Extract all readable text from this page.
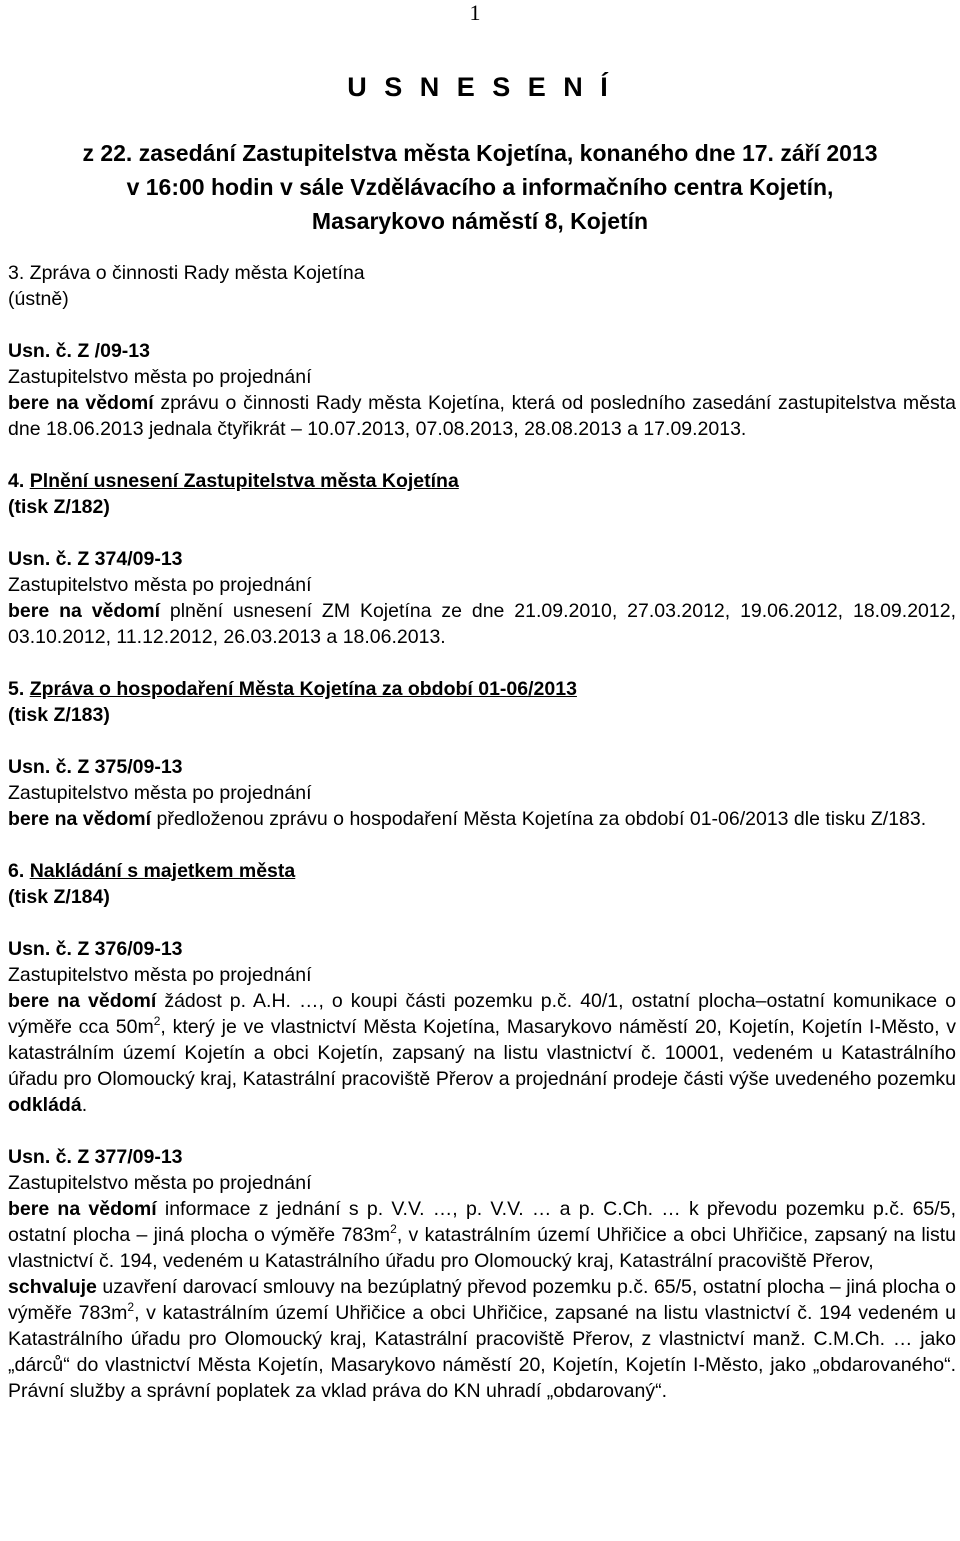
1
U S N E S E N Í
z 22. zasedání Zastupitelstva města Kojetína, konaného dne 17. září 2013
v 16:00 hodin v sále Vzdělávacího a informačního centra Kojetín,
Masarykovo náměstí 8, Kojetín

3. Zpráva o činnosti Rady města Kojetína

(ústně)

Usn. č. Z /09-13

Zastupitelstvo města po projednání

bere na vědomí zprávu o činnosti Rady města Kojetína, která od posledního zasedání zastupitelstva města dne 18.06.2013 jednala čtyřikrát – 10.07.2013, 07.08.2013, 28.08.2013 a 17.09.2013.

4. Plnění usnesení Zastupitelstva města Kojetína

(tisk Z/182)

Usn. č. Z 374/09-13

Zastupitelstvo města po projednání

bere na vědomí plnění usnesení ZM Kojetína ze dne 21.09.2010, 27.03.2012, 19.06.2012, 18.09.2012, 03.10.2012, 11.12.2012, 26.03.2013 a 18.06.2013.

5. Zpráva o hospodaření Města Kojetína za období 01-06/2013

(tisk Z/183)

Usn. č. Z 375/09-13

Zastupitelstvo města po projednání

bere na vědomí předloženou zprávu o hospodaření Města Kojetína za období 01-06/2013 dle tisku Z/183.

6. Nakládání s majetkem města

(tisk Z/184)

Usn. č. Z 376/09-13

Zastupitelstvo města po projednání

bere na vědomí žádost p. A.H. …, o koupi části pozemku p.č. 40/1, ostatní plocha–ostatní komunikace o výměře cca $50m^2$, který je ve vlastnictví Města Kojetína, Masarykovo náměstí 20, Kojetín, Kojetín I-Město, v katastrálním území Kojetín a obci Kojetín, zapsaný na listu vlastnictví č. 10001, vedeném u Katastrálního úřadu pro Olomoucký kraj, Katastrální pracoviště Přerov a projednání prodeje části výše uvedeného pozemku odkládá.

Usn. č. Z 377/09-13

Zastupitelstvo města po projednání

bere na vědomí informace z jednání s p. V.V. …, p. V.V. … a p. C.Ch. … k převodu pozemku p.č. 65/5, ostatní plocha – jiná plocha o výměře $783m^2$, v katastrálním území Uhřičice a obci Uhřičice, zapsaný na listu vlastnictví č. 194, vedeném u Katastrálního úřadu pro Olomoucký kraj, Katastrální pracoviště Přerov,

schvaluje uzavření darovací smlouvy na bezúplatný převod pozemku p.č. 65/5, ostatní plocha – jiná plocha o výměře $783m^2$, v katastrálním území Uhřičice a obci Uhřičice, zapsané na listu vlastnictví č. 194 vedeném u Katastrálního úřadu pro Olomoucký kraj, Katastrální pracoviště Přerov, z vlastnictví manž. C.M.Ch. … jako „dárců“ do vlastnictví Města Kojetín, Masarykovo náměstí 20, Kojetín, Kojetín I-Město, jako „obdarovaného“. Právní služby a správní poplatek za vklad práva do KN uhradí „obdarovaný“.
